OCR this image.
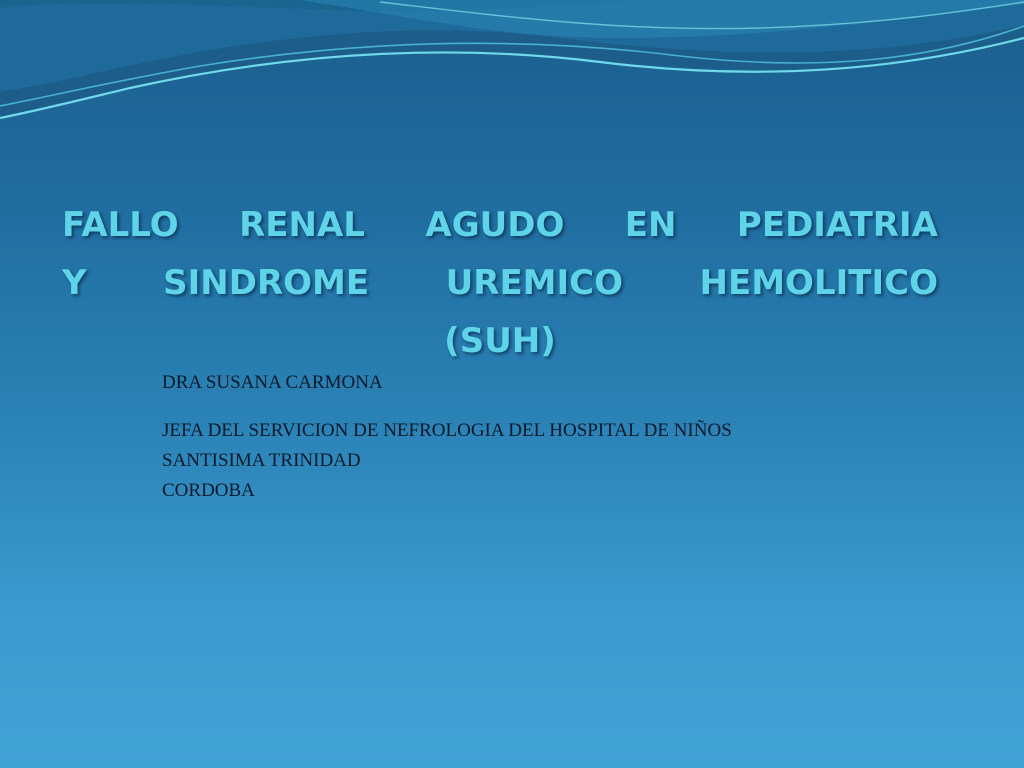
FALLO RENAL AGUDO EN PEDIATRIA
Y SINDROME UREMICO HEMOLITICO
(SUH)
DRA SUSANA CARMONA
JEFA DEL SERVICION DE NEFROLOGIA DEL HOSPITAL DE NIÑOS
SANTISIMA TRINIDAD
CORDOBA
